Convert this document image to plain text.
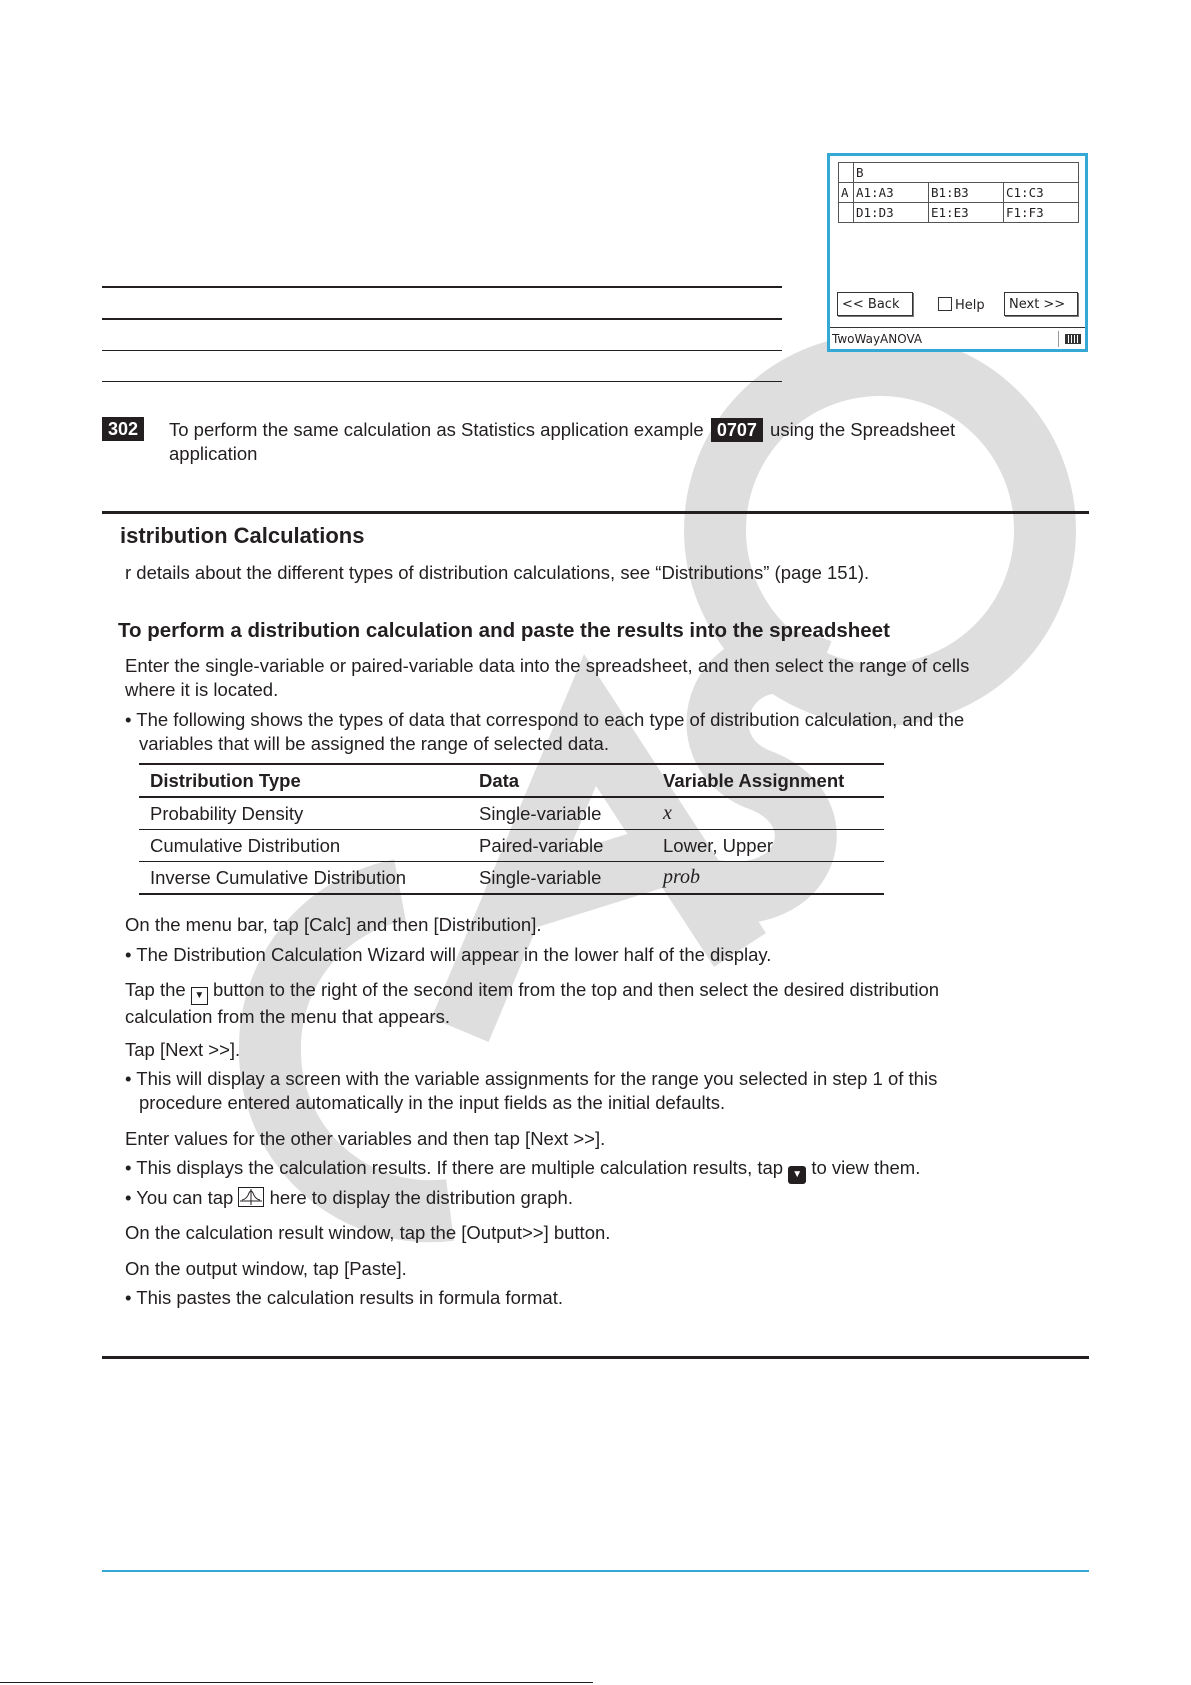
	B		
A	A1:A3	B1:B3	C1:C3
	D1:D3	E1:E3	F1:F3
<< Back	Help	Next >>
TwoWayANOVA
302	To perform the same calculation as Statistics application example 0707 using the Spreadsheet
application
istribution Calculations
r details about the different types of distribution calculations, see “Distributions” (page 151).
To perform a distribution calculation and paste the results into the spreadsheet
Enter the single-variable or paired-variable data into the spreadsheet, and then select the range of cells
where it is located.
• The following shows the types of data that correspond to each type of distribution calculation, and the
variables that will be assigned the range of selected data.
Distribution Type	Data	Variable Assignment
Probability Density	Single-variable	x
Cumulative Distribution	Paired-variable	Lower, Upper
Inverse Cumulative Distribution	Single-variable	prob
On the menu bar, tap [Calc] and then [Distribution].
• The Distribution Calculation Wizard will appear in the lower half of the display.
Tap the ▼ button to the right of the second item from the top and then select the desired distribution
calculation from the menu that appears.
Tap [Next >>].
• This will display a screen with the variable assignments for the range you selected in step 1 of this
procedure entered automatically in the input fields as the initial defaults.
Enter values for the other variables and then tap [Next >>].
• This displays the calculation results. If there are multiple calculation results, tap ▼ to view them.
• You can tap here to display the distribution graph.
On the calculation result window, tap the [Output>>] button.
On the output window, tap [Paste].
• This pastes the calculation results in formula format.
